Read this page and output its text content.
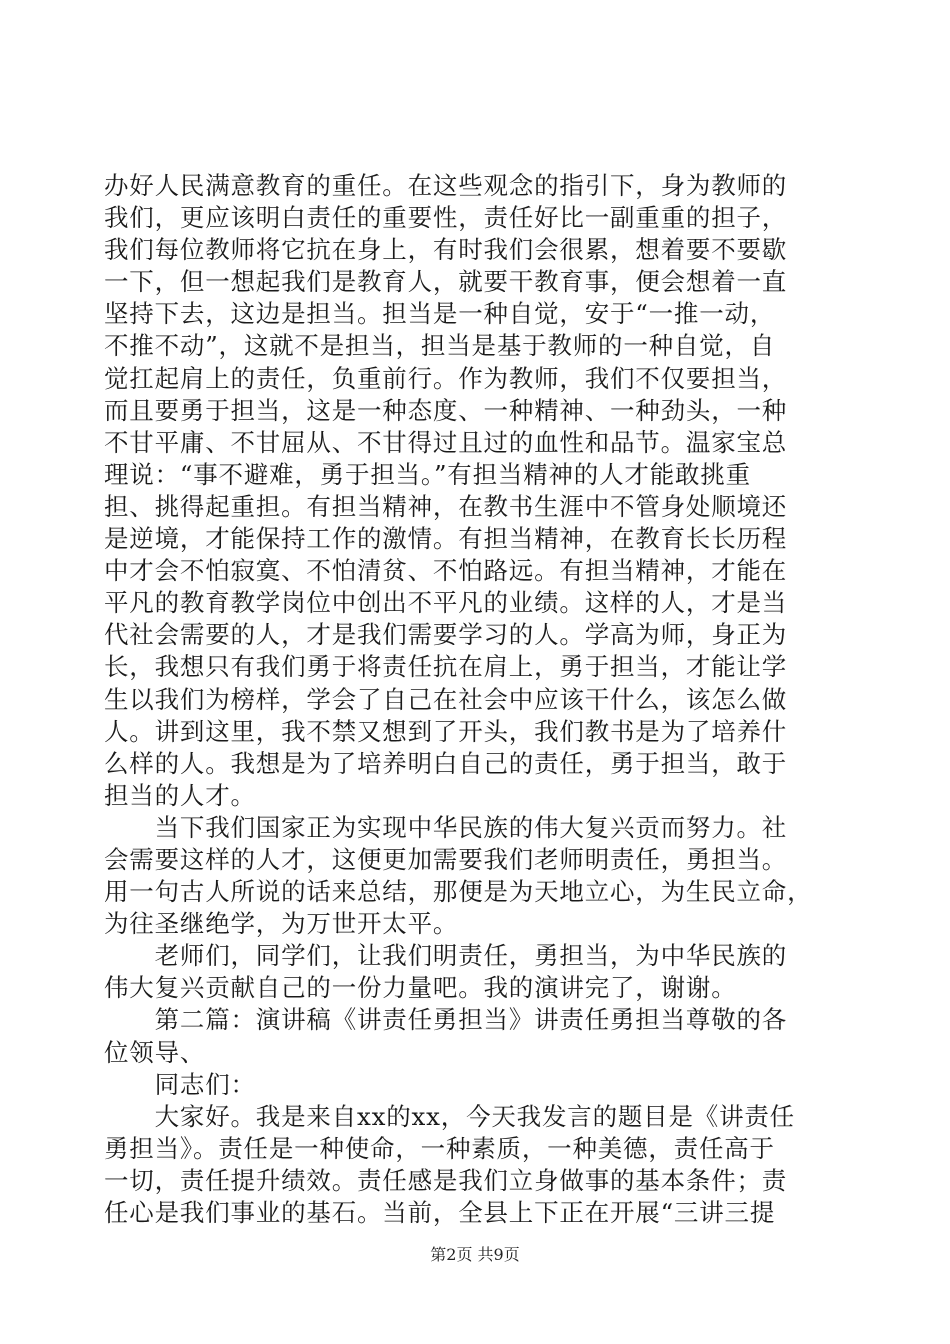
办好人民满意教育的重任。在这些观念的指引下，身为教师的
我们，更应该明白责任的重要性，责任好比一副重重的担子，
我们每位教师将它抗在身上，有时我们会很累，想着要不要歇
一下，但一想起我们是教育人，就要干教育事，便会想着一直
坚持下去，这边是担当。担当是一种自觉，安于“一推一动，
不推不动”，这就不是担当，担当是基于教师的一种自觉，自
觉扛起肩上的责任，负重前行。作为教师，我们不仅要担当，
而且要勇于担当，这是一种态度、一种精神、一种劲头，一种
不甘平庸、不甘屈从、不甘得过且过的血性和品节。温家宝总
理说：“事不避难，勇于担当。”有担当精神的人才能敢挑重
担、挑得起重担。有担当精神，在教书生涯中不管身处顺境还
是逆境，才能保持工作的激情。有担当精神，在教育长长历程
中才会不怕寂寞、不怕清贫、不怕路远。有担当精神，才能在
平凡的教育教学岗位中创出不平凡的业绩。这样的人，才是当
代社会需要的人，才是我们需要学习的人。学高为师，身正为
长，我想只有我们勇于将责任抗在肩上，勇于担当，才能让学
生以我们为榜样，学会了自己在社会中应该干什么，该怎么做
人。讲到这里，我不禁又想到了开头，我们教书是为了培养什
么样的人。我想是为了培养明白自己的责任，勇于担当，敢于
担当的人才。
　　当下我们国家正为实现中华民族的伟大复兴贡而努力。社
会需要这样的人才，这便更加需要我们老师明责任，勇担当。
用一句古人所说的话来总结，那便是为天地立心，为生民立命，
为往圣继绝学，为万世开太平。
　　老师们，同学们，让我们明责任，勇担当，为中华民族的
伟大复兴贡献自己的一份力量吧。我的演讲完了，谢谢。
　　第二篇：演讲稿《讲责任勇担当》讲责任勇担当尊敬的各
位领导、
　　同志们：
　　大家好。我是来自xx的xx，今天我发言的题目是《讲责任
勇担当》。责任是一种使命，一种素质，一种美德，责任高于
一切，责任提升绩效。责任感是我们立身做事的基本条件；责
任心是我们事业的基石。当前，全县上下正在开展“三讲三提
第2页 共9页
